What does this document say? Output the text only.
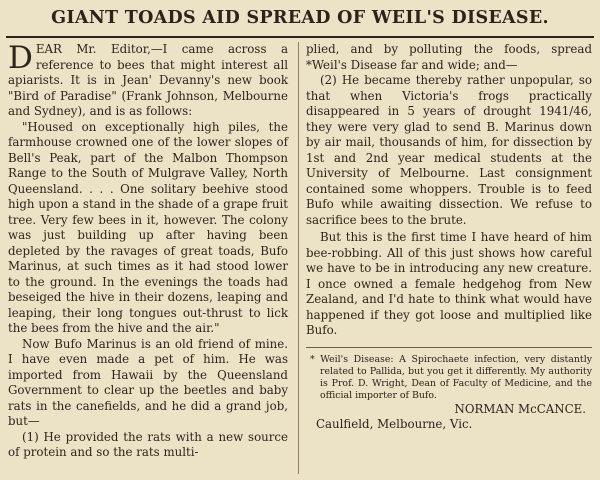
GIANT TOADS AID SPREAD OF WEIL'S DISEASE.

DEAR Mr. Editor,—I came across a reference to bees that might interest all apiarists. It is in Jean' Devanny's new book "Bird of Paradise" (Frank Johnson, Melbourne and Sydney), and is as follows:

"Housed on exceptionally high piles, the farmhouse crowned one of the lower slopes of Bell's Peak, part of the Malbon Thompson Range to the South of Mulgrave Valley, North Queensland. . . . One solitary beehive stood high upon a stand in the shade of a grape fruit tree. Very few bees in it, however. The colony was just building up after having been depleted by the ravages of great toads, Bufo Marinus, at such times as it had stood lower to the ground. In the evenings the toads had beseiged the hive in their dozens, leaping and leaping, their long tongues out-thrust to lick the bees from the hive and the air."

Now Bufo Marinus is an old friend of mine. I have even made a pet of him. He was imported from Hawaii by the Queensland Government to clear up the beetles and baby rats in the canefields, and he did a grand job, but—

(1) He provided the rats with a new source of protein and so the rats multi-

plied, and by polluting the foods, spread *Weil's Disease far and wide; and—

(2) He became thereby rather unpopular, so that when Victoria's frogs practically disappeared in 5 years of drought 1941/46, they were very glad to send B. Marinus down by air mail, thousands of him, for dissection by 1st and 2nd year medical students at the University of Melbourne. Last consignment contained some whoppers. Trouble is to feed Bufo while awaiting dissection. We refuse to sacrifice bees to the brute.

But this is the first time I have heard of him bee-robbing. All of this just shows how careful we have to be in introducing any new creature. I once owned a female hedgehog from New Zealand, and I'd hate to think what would have happened if they got loose and multiplied like Bufo.

* Weil's Disease: A Spirochaete infection, very distantly related to Pallida, but you get it differently. My authority is Prof. D. Wright, Dean of Faculty of Medicine, and the official importer of Bufo.

NORMAN McCANCE.

Caulfield, Melbourne, Vic.
